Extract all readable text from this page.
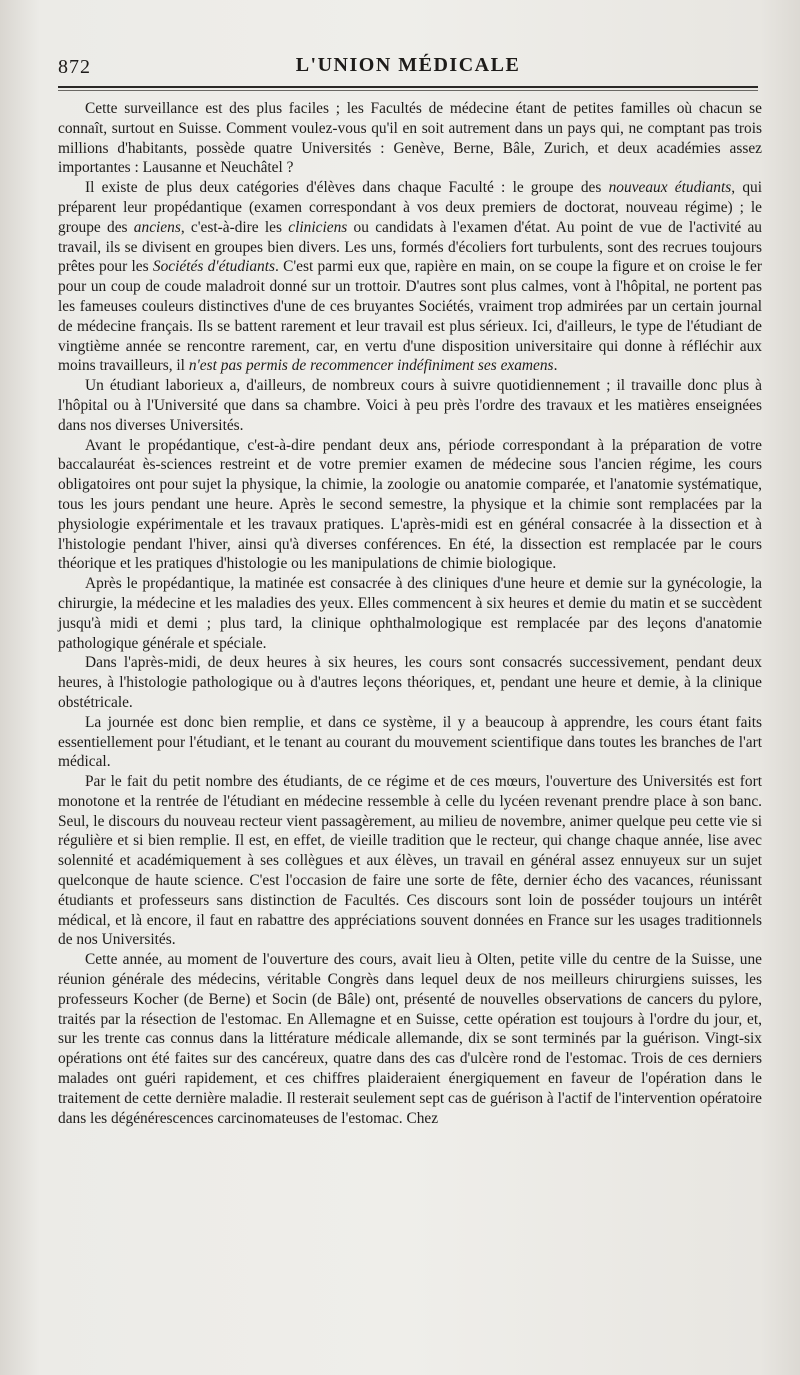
872	L'UNION MÉDICALE

Cette surveillance est des plus faciles ; les Facultés de médecine étant de petites familles où chacun se connaît, surtout en Suisse. Comment voulez-vous qu'il en soit autrement dans un pays qui, ne comptant pas trois millions d'habitants, possède quatre Universités : Genève, Berne, Bâle, Zurich, et deux académies assez importantes : Lausanne et Neuchâtel ?

Il existe de plus deux catégories d'élèves dans chaque Faculté : le groupe des nouveaux étudiants, qui préparent leur propédantique (examen correspondant à vos deux premiers de doctorat, nouveau régime) ; le groupe des anciens, c'est-à-dire les cliniciens ou candidats à l'examen d'état. Au point de vue de l'activité au travail, ils se divisent en groupes bien divers. Les uns, formés d'écoliers fort turbulents, sont des recrues toujours prêtes pour les Sociétés d'étudiants. C'est parmi eux que, rapière en main, on se coupe la figure et on croise le fer pour un coup de coude maladroit donné sur un trottoir. D'autres sont plus calmes, vont à l'hôpital, ne portent pas les fameuses couleurs distinctives d'une de ces bruyantes Sociétés, vraiment trop admirées par un certain journal de médecine français. Ils se battent rarement et leur travail est plus sérieux. Ici, d'ailleurs, le type de l'étudiant de vingtième année se rencontre rarement, car, en vertu d'une disposition universitaire qui donne à réfléchir aux moins travailleurs, il n'est pas permis de recommencer indéfiniment ses examens.

Un étudiant laborieux a, d'ailleurs, de nombreux cours à suivre quotidiennement ; il travaille donc plus à l'hôpital ou à l'Université que dans sa chambre. Voici à peu près l'ordre des travaux et les matières enseignées dans nos diverses Universités.

Avant le propédantique, c'est-à-dire pendant deux ans, période correspondant à la préparation de votre baccalauréat ès-sciences restreint et de votre premier examen de médecine sous l'ancien régime, les cours obligatoires ont pour sujet la physique, la chimie, la zoologie ou anatomie comparée, et l'anatomie systématique, tous les jours pendant une heure. Après le second semestre, la physique et la chimie sont remplacées par la physiologie expérimentale et les travaux pratiques. L'après-midi est en général consacrée à la dissection et à l'histologie pendant l'hiver, ainsi qu'à diverses conférences. En été, la dissection est remplacée par le cours théorique et les pratiques d'histologie ou les manipulations de chimie biologique.

Après le propédantique, la matinée est consacrée à des cliniques d'une heure et demie sur la gynécologie, la chirurgie, la médecine et les maladies des yeux. Elles commencent à six heures et demie du matin et se succèdent jusqu'à midi et demi ; plus tard, la clinique ophthalmologique est remplacée par des leçons d'anatomie pathologique générale et spéciale.

Dans l'après-midi, de deux heures à six heures, les cours sont consacrés successivement, pendant deux heures, à l'histologie pathologique ou à d'autres leçons théoriques, et, pendant une heure et demie, à la clinique obstétricale.

La journée est donc bien remplie, et dans ce système, il y a beaucoup à apprendre, les cours étant faits essentiellement pour l'étudiant, et le tenant au courant du mouvement scientifique dans toutes les branches de l'art médical.

Par le fait du petit nombre des étudiants, de ce régime et de ces mœurs, l'ouverture des Universités est fort monotone et la rentrée de l'étudiant en médecine ressemble à celle du lycéen revenant prendre place à son banc. Seul, le discours du nouveau recteur vient passagèrement, au milieu de novembre, animer quelque peu cette vie si régulière et si bien remplie. Il est, en effet, de vieille tradition que le recteur, qui change chaque année, lise avec solennité et académiquement à ses collègues et aux élèves, un travail en général assez ennuyeux sur un sujet quelconque de haute science. C'est l'occasion de faire une sorte de fête, dernier écho des vacances, réunissant étudiants et professeurs sans distinction de Facultés. Ces discours sont loin de posséder toujours un intérêt médical, et là encore, il faut en rabattre des appréciations souvent données en France sur les usages traditionnels de nos Universités.

Cette année, au moment de l'ouverture des cours, avait lieu à Olten, petite ville du centre de la Suisse, une réunion générale des médecins, véritable Congrès dans lequel deux de nos meilleurs chirurgiens suisses, les professeurs Kocher (de Berne) et Socin (de Bâle) ont, présenté de nouvelles observations de cancers du pylore, traités par la résection de l'estomac. En Allemagne et en Suisse, cette opération est toujours à l'ordre du jour, et, sur les trente cas connus dans la littérature médicale allemande, dix se sont terminés par la guérison. Vingt-six opérations ont été faites sur des cancéreux, quatre dans des cas d'ulcère rond de l'estomac. Trois de ces derniers malades ont guéri rapidement, et ces chiffres plaideraient énergiquement en faveur de l'opération dans le traitement de cette dernière maladie. Il resterait seulement sept cas de guérison à l'actif de l'intervention opératoire dans les dégénérescences carcinomateuses de l'estomac. Chez
